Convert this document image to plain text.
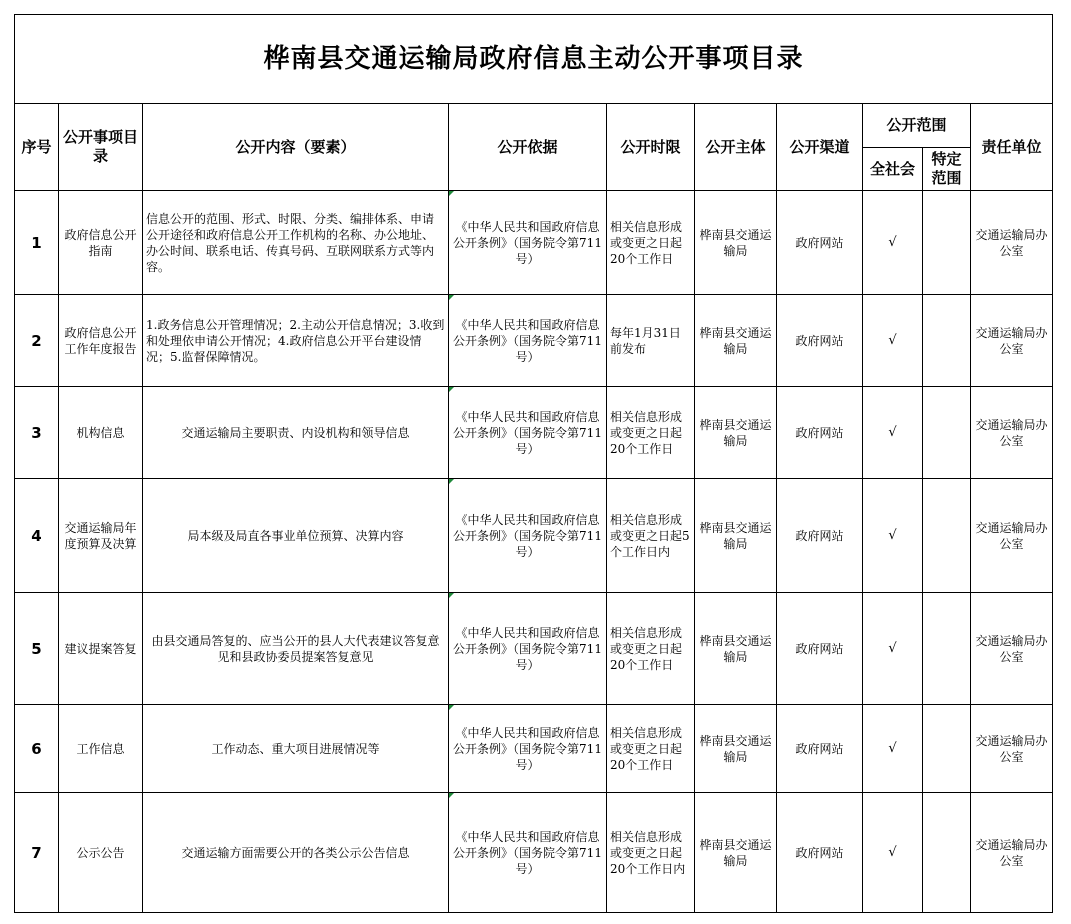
桦南县交通运输局政府信息主动公开事项目录									
序号	公开事项目录	公开内容（要素）	公开依据	公开时限	公开主体	公开渠道	公开范围		责任单位
							全社会	特定范围	
1	政府信息公开指南	信息公开的范围、形式、时限、分类、编排体系、申请公开途径和政府信息公开工作机构的名称、办公地址、办公时间、联系电话、传真号码、互联网联系方式等内容。	《中华人民共和国政府信息公开条例》（国务院令第711号）	相关信息形成或变更之日起20个工作日	桦南县交通运输局	政府网站	√		交通运输局办公室
2	政府信息公开工作年度报告	1.政务信息公开管理情况；2.主动公开信息情况；3.收到和处理依申请公开情况；4.政府信息公开平台建设情况；5.监督保障情况。	《中华人民共和国政府信息公开条例》（国务院令第711号）	每年1月31日前发布	桦南县交通运输局	政府网站	√		交通运输局办公室
3	机构信息	交通运输局主要职责、内设机构和领导信息	《中华人民共和国政府信息公开条例》（国务院令第711号）	相关信息形成或变更之日起20个工作日	桦南县交通运输局	政府网站	√		交通运输局办公室
4	交通运输局年度预算及决算	局本级及局直各事业单位预算、决算内容	《中华人民共和国政府信息公开条例》（国务院令第711号）	相关信息形成或变更之日起5个工作日内	桦南县交通运输局	政府网站	√		交通运输局办公室
5	建议提案答复	由县交通局答复的、应当公开的县人大代表建议答复意见和县政协委员提案答复意见	《中华人民共和国政府信息公开条例》（国务院令第711号）	相关信息形成或变更之日起20个工作日	桦南县交通运输局	政府网站	√		交通运输局办公室
6	工作信息	工作动态、重大项目进展情况等	《中华人民共和国政府信息公开条例》（国务院令第711号）	相关信息形成或变更之日起20个工作日	桦南县交通运输局	政府网站	√		交通运输局办公室
7	公示公告	交通运输方面需要公开的各类公示公告信息	《中华人民共和国政府信息公开条例》（国务院令第711号）	相关信息形成或变更之日起20个工作日内	桦南县交通运输局	政府网站	√		交通运输局办公室
